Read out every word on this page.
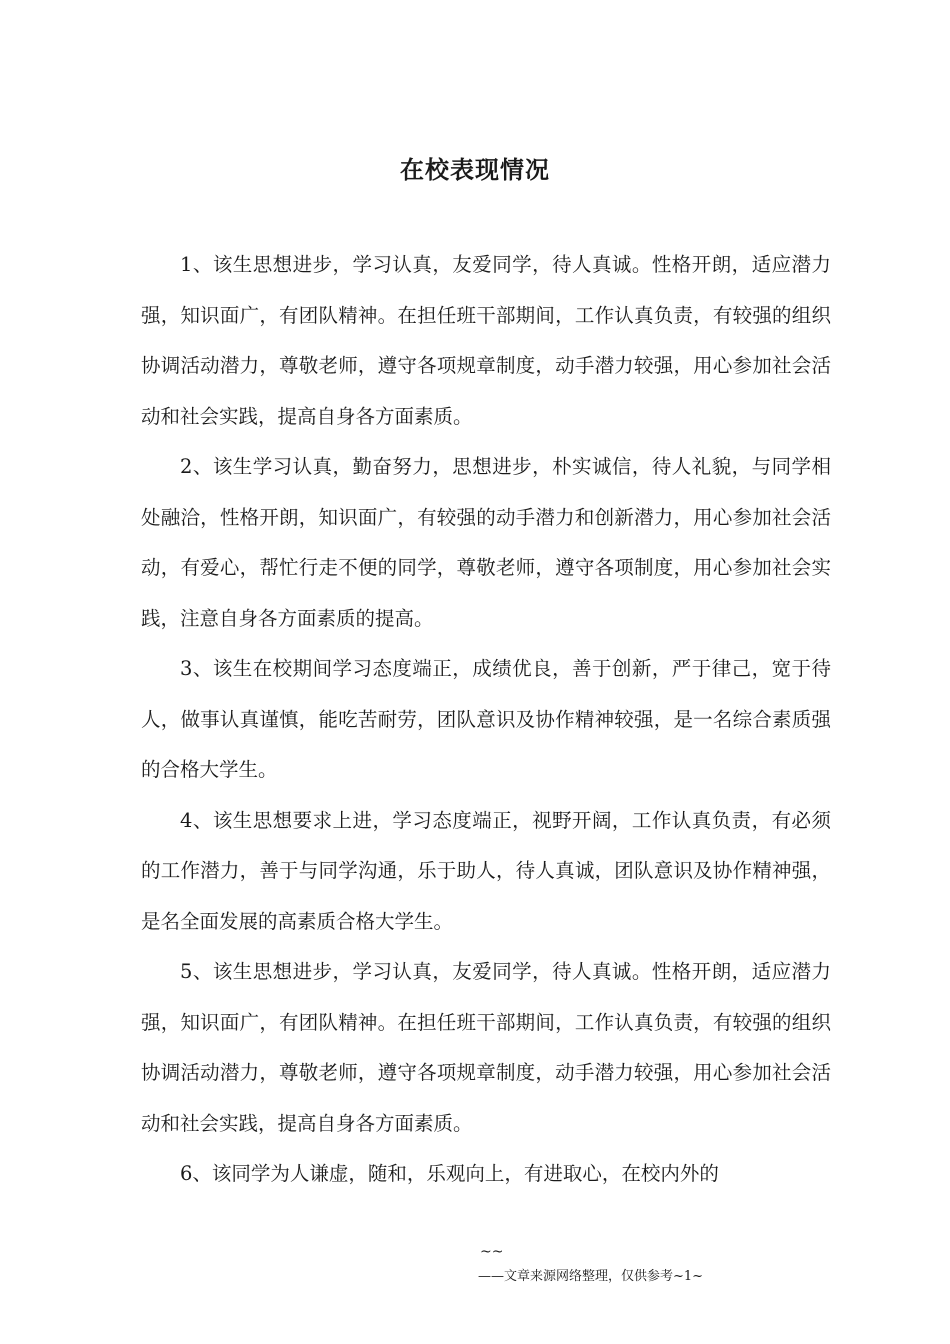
在校表现情况

1、该生思想进步，学习认真，友爱同学，待人真诚。性格开朗，适应潜力强，知识面广，有团队精神。在担任班干部期间，工作认真负责，有较强的组织协调活动潜力，尊敬老师，遵守各项规章制度，动手潜力较强，用心参加社会活动和社会实践，提高自身各方面素质。

2、该生学习认真，勤奋努力，思想进步，朴实诚信，待人礼貌，与同学相处融洽，性格开朗，知识面广，有较强的动手潜力和创新潜力，用心参加社会活动，有爱心，帮忙行走不便的同学，尊敬老师，遵守各项制度，用心参加社会实践，注意自身各方面素质的提高。

3、该生在校期间学习态度端正，成绩优良，善于创新，严于律己，宽于待人，做事认真谨慎，能吃苦耐劳，团队意识及协作精神较强，是一名综合素质强的合格大学生。

4、该生思想要求上进，学习态度端正，视野开阔，工作认真负责，有必须的工作潜力，善于与同学沟通，乐于助人，待人真诚，团队意识及协作精神强，是名全面发展的高素质合格大学生。

5、该生思想进步，学习认真，友爱同学，待人真诚。性格开朗，适应潜力强，知识面广，有团队精神。在担任班干部期间，工作认真负责，有较强的组织协调活动潜力，尊敬老师，遵守各项规章制度，动手潜力较强，用心参加社会活动和社会实践，提高自身各方面素质。

6、该同学为人谦虚，随和，乐观向上，有进取心，在校内外的

~~
——文章来源网络整理，仅供参考~1~
